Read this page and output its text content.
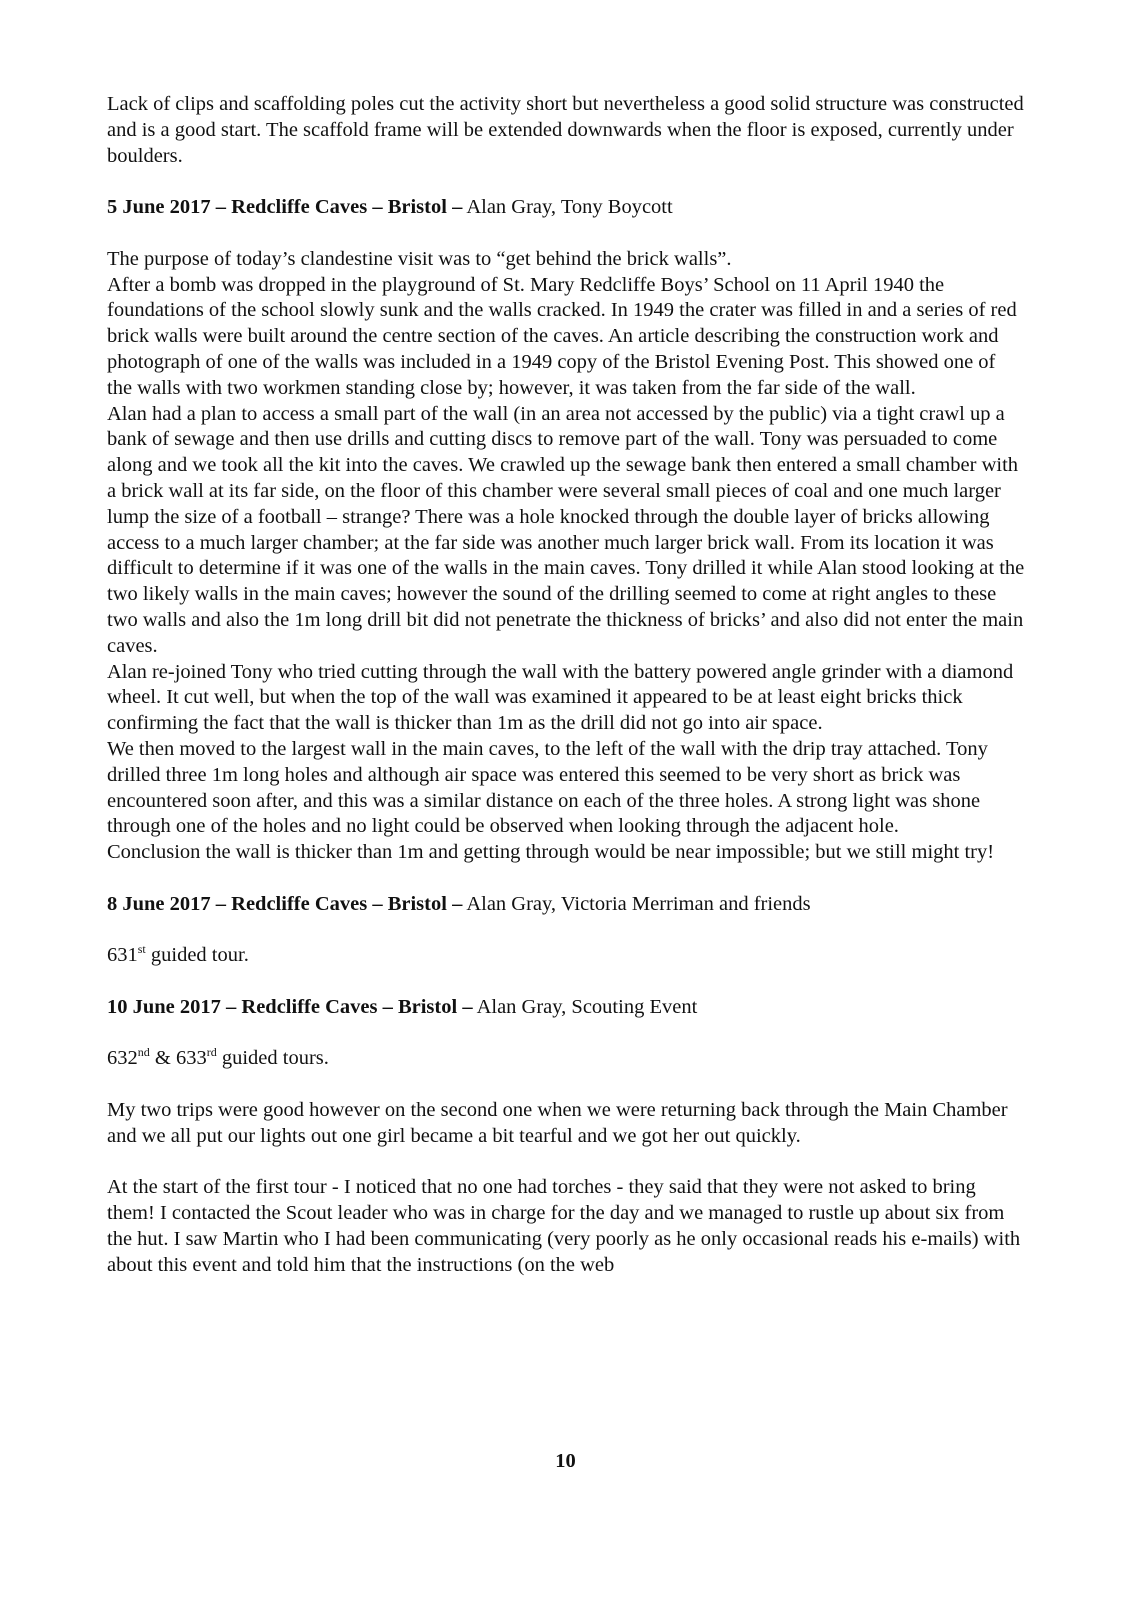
Lack of clips and scaffolding poles cut the activity short but nevertheless a good solid structure was constructed and is a good start. The scaffold frame will be extended downwards when the floor is exposed, currently under boulders.

5 June 2017 – Redcliffe Caves – Bristol – Alan Gray, Tony Boycott

The purpose of today’s clandestine visit was to “get behind the brick walls”.

After a bomb was dropped in the playground of St. Mary Redcliffe Boys’ School on 11 April 1940 the foundations of the school slowly sunk and the walls cracked. In 1949 the crater was filled in and a series of red brick walls were built around the centre section of the caves. An article describing the construction work and photograph of one of the walls was included in a 1949 copy of the Bristol Evening Post. This showed one of the walls with two workmen standing close by; however, it was taken from the far side of the wall.

Alan had a plan to access a small part of the wall (in an area not accessed by the public) via a tight crawl up a bank of sewage and then use drills and cutting discs to remove part of the wall. Tony was persuaded to come along and we took all the kit into the caves. We crawled up the sewage bank then entered a small chamber with a brick wall at its far side, on the floor of this chamber were several small pieces of coal and one much larger lump the size of a football – strange? There was a hole knocked through the double layer of bricks allowing access to a much larger chamber; at the far side was another much larger brick wall. From its location it was difficult to determine if it was one of the walls in the main caves. Tony drilled it while Alan stood looking at the two likely walls in the main caves; however the sound of the drilling seemed to come at right angles to these two walls and also the 1m long drill bit did not penetrate the thickness of bricks’ and also did not enter the main caves.

Alan re-joined Tony who tried cutting through the wall with the battery powered angle grinder with a diamond wheel. It cut well, but when the top of the wall was examined it appeared to be at least eight bricks thick confirming the fact that the wall is thicker than 1m as the drill did not go into air space.

We then moved to the largest wall in the main caves, to the left of the wall with the drip tray attached. Tony drilled three 1m long holes and although air space was entered this seemed to be very short as brick was encountered soon after, and this was a similar distance on each of the three holes. A strong light was shone through one of the holes and no light could be observed when looking through the adjacent hole.

Conclusion the wall is thicker than 1m and getting through would be near impossible; but we still might try!

8 June 2017 – Redcliffe Caves – Bristol – Alan Gray, Victoria Merriman and friends

631st guided tour.

10 June 2017 – Redcliffe Caves – Bristol – Alan Gray, Scouting Event

632nd & 633rd guided tours.

My two trips were good however on the second one when we were returning back through the Main Chamber and we all put our lights out one girl became a bit tearful and we got her out quickly.

At the start of the first tour - I noticed that no one had torches - they said that they were not asked to bring them! I contacted the Scout leader who was in charge for the day and we managed to rustle up about six from the hut. I saw Martin who I had been communicating (very poorly as he only occasional reads his e-mails) with about this event and told him that the instructions (on the web

10
